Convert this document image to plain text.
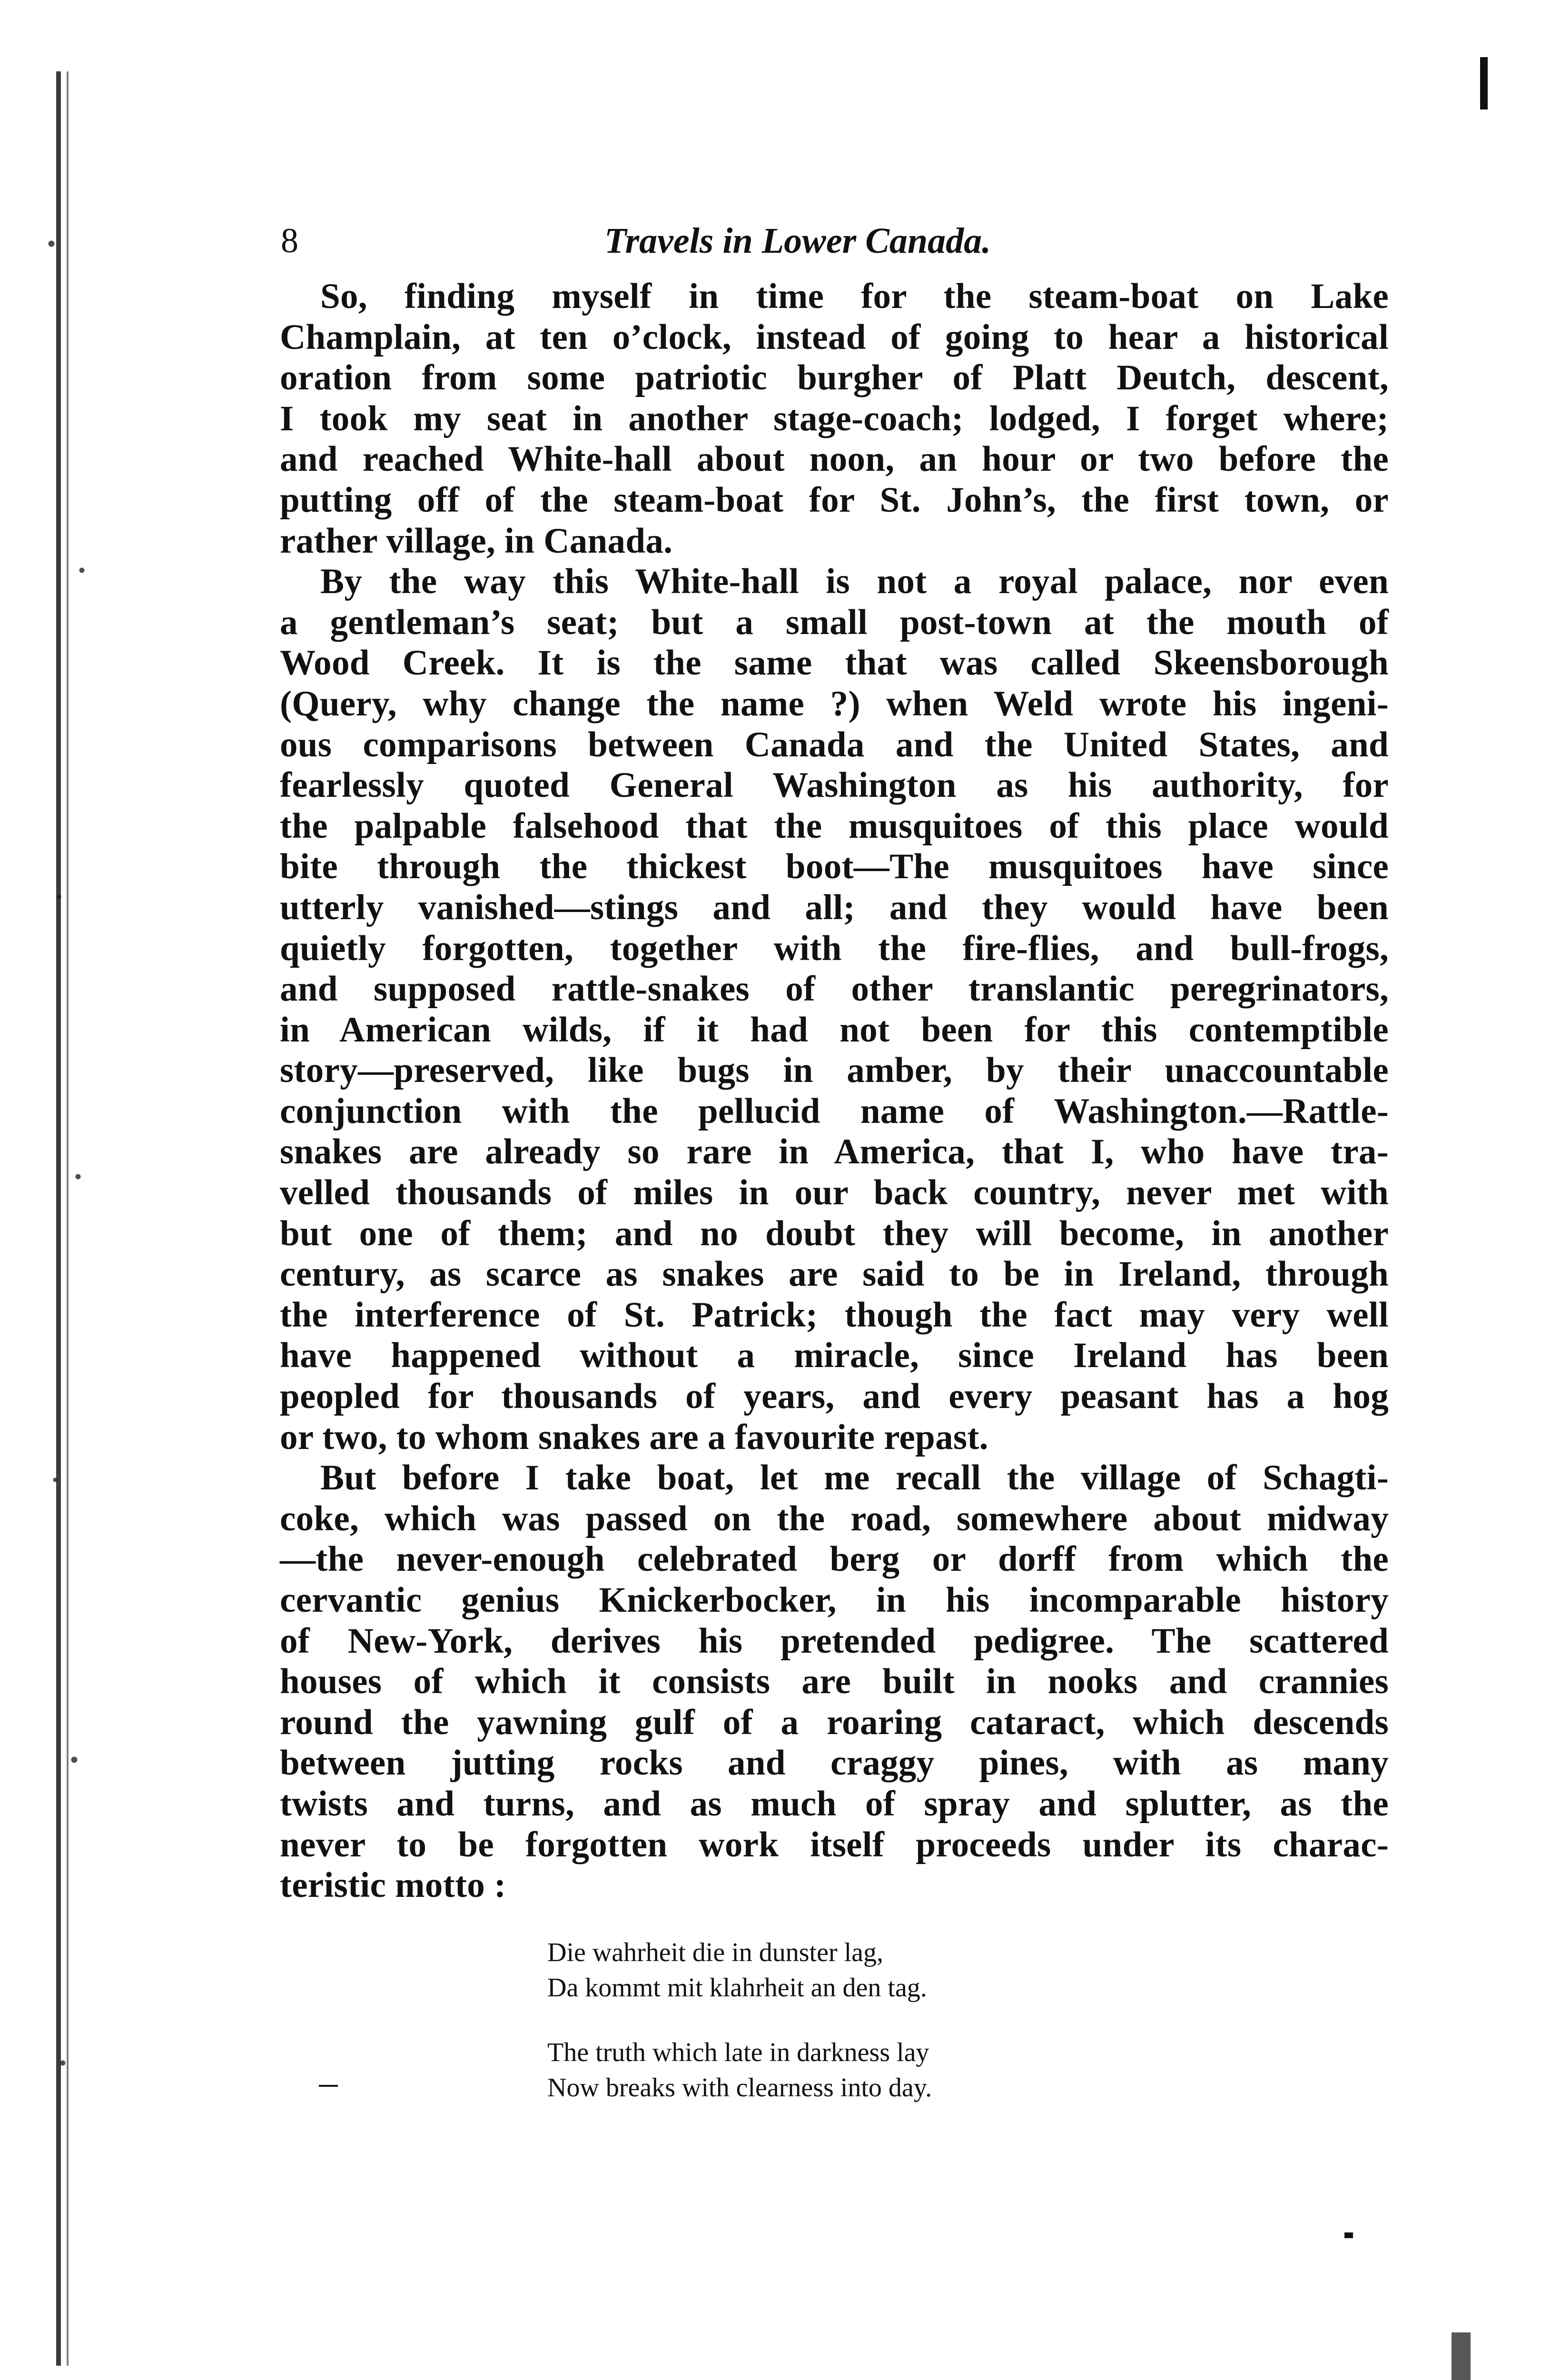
8	Travels in Lower Canada.
So, finding myself in time for the steam-boat on Lake
Champlain, at ten o’clock, instead of going to hear a historical
oration from some patriotic burgher of Platt Deutch, descent,
I took my seat in another stage-coach; lodged, I forget where;
and reached White-hall about noon, an hour or two before the
putting off of the steam-boat for St. John’s, the first town, or
rather village, in Canada.
By the way this White-hall is not a royal palace, nor even
a gentleman’s seat; but a small post-town at the mouth of
Wood Creek. It is the same that was called Skeensborough
(Query, why change the name ?) when Weld wrote his ingeni-
ous comparisons between Canada and the United States, and
fearlessly quoted General Washington as his authority, for
the palpable falsehood that the musquitoes of this place would
bite through the thickest boot—The musquitoes have since
utterly vanished—stings and all; and they would have been
quietly forgotten, together with the fire-flies, and bull-frogs,
and supposed rattle-snakes of other translantic peregrinators,
in American wilds, if it had not been for this contemptible
story—preserved, like bugs in amber, by their unaccountable
conjunction with the pellucid name of Washington.—Rattle-
snakes are already so rare in America, that I, who have tra-
velled thousands of miles in our back country, never met with
but one of them; and no doubt they will become, in another
century, as scarce as snakes are said to be in Ireland, through
the interference of St. Patrick; though the fact may very well
have happened without a miracle, since Ireland has been
peopled for thousands of years, and every peasant has a hog
or two, to whom snakes are a favourite repast.
But before I take boat, let me recall the village of Schagti-
coke, which was passed on the road, somewhere about midway
—the never-enough celebrated berg or dorff from which the
cervantic genius Knickerbocker, in his incomparable history
of New-York, derives his pretended pedigree. The scattered
houses of which it consists are built in nooks and crannies
round the yawning gulf of a roaring cataract, which descends
between jutting rocks and craggy pines, with as many
twists and turns, and as much of spray and splutter, as the
never to be forgotten work itself proceeds under its charac-
teristic motto :
Die wahrheit die in dunster lag,
Da kommt mit klahrheit an den tag.
The truth which late in darkness lay
Now breaks with clearness into day.
